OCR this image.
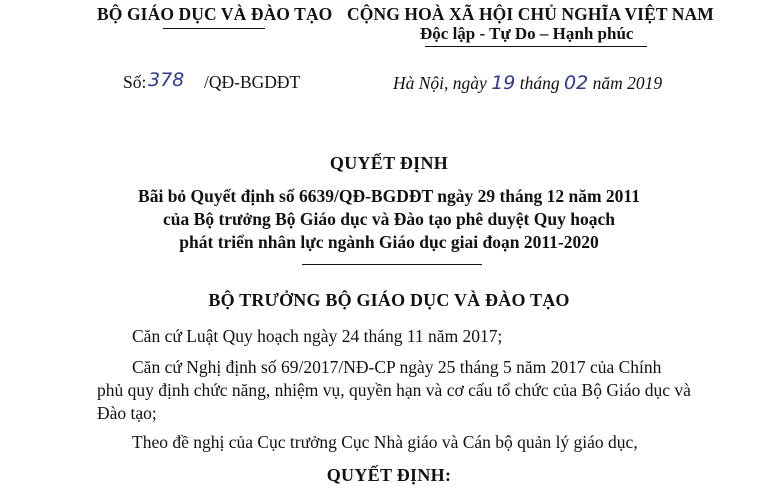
BỘ GIÁO DỤC VÀ ĐÀO TẠO CỘNG HOÀ XÃ HỘI CHỦ NGHĨA VIỆT NAM
Độc lập - Tự Do – Hạnh phúc
Số: 378 /QĐ-BGDĐT	Hà Nội, ngày 19 tháng 02 năm 2019
QUYẾT ĐỊNH
Bãi bỏ Quyết định số 6639/QĐ-BGDĐT ngày 29 tháng 12 năm 2011
của Bộ trưởng Bộ Giáo dục và Đào tạo phê duyệt Quy hoạch
phát triển nhân lực ngành Giáo dục giai đoạn 2011-2020
BỘ TRƯỞNG BỘ GIÁO DỤC VÀ ĐÀO TẠO
Căn cứ Luật Quy hoạch ngày 24 tháng 11 năm 2017;
Căn cứ Nghị định số 69/2017/NĐ-CP ngày 25 tháng 5 năm 2017 của Chính
phủ quy định chức năng, nhiệm vụ, quyền hạn và cơ cấu tổ chức của Bộ Giáo dục và
Đào tạo;
Theo đề nghị của Cục trưởng Cục Nhà giáo và Cán bộ quản lý giáo dục,
QUYẾT ĐỊNH:
